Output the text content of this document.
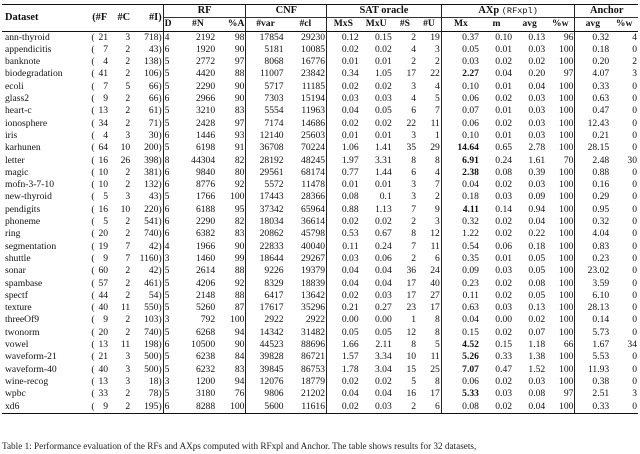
Dataset	(#F	#C	#I)	RF			CNF		SAT oracle				AXp (RFxpl)				Anchor	
				D	#N	%A	#var	#cl	MxS	MxU	#S	#U	Mx	m	avg	%w	avg	%w
ann-thyroid	( 21	3	718)	4	2192	98	17854	29230	0.12	0.15	2	19	0.37	0.10	0.13	96	0.32	4
appendicitis	( 7	2	43)	6	1920	90	5181	10085	0.02	0.02	4	3	0.05	0.01	0.03	100	0.18	0
banknote	( 4	2	138)	5	2772	97	8068	16776	0.01	0.01	2	2	0.03	0.02	0.02	100	0.20	2
biodegradation	( 41	2	106)	5	4420	88	11007	23842	0.34	1.05	17	22	2.27	0.04	0.20	97	4.07	3
ecoli	( 7	5	66)	5	2290	90	5717	11185	0.02	0.02	3	4	0.10	0.01	0.04	100	0.33	0
glass2	( 9	2	66)	6	2966	90	7303	15194	0.03	0.03	4	5	0.06	0.02	0.03	100	0.63	0
heart-c	( 13	2	61)	5	3210	83	5554	11963	0.04	0.05	6	7	0.07	0.01	0.03	100	0.47	0
ionosphere	( 34	2	71)	5	2428	97	7174	14686	0.02	0.02	22	11	0.06	0.02	0.03	100	12.43	0
iris	( 4	3	30)	6	1446	93	12140	25603	0.01	0.01	3	1	0.10	0.01	0.03	100	0.21	0
karhunen	( 64	10	200)	5	6198	91	36708	70224	1.06	1.41	35	29	14.64	0.65	2.78	100	28.15	0
letter	( 16	26	398)	8	44304	82	28192	48245	1.97	3.31	8	8	6.91	0.24	1.61	70	2.48	30
magic	( 10	2	381)	6	9840	80	29561	68174	0.77	1.44	6	4	2.38	0.08	0.39	100	0.88	0
mofn-3-7-10	( 10	2	132)	6	8776	92	5572	11478	0.01	0.01	3	7	0.04	0.02	0.03	100	0.16	0
new-thyroid	( 5	3	43)	5	1766	100	17443	28366	0.08	0.1	3	2	0.18	0.03	0.09	100	0.29	0
pendigits	( 16	10	220)	6	6188	95	37342	65964	0.88	1.13	7	9	4.11	0.14	0.94	100	0.95	0
phoneme	( 5	2	541)	6	2290	82	18034	36614	0.02	0.02	2	3	0.32	0.02	0.04	100	0.32	0
ring	( 20	2	740)	6	6382	83	20862	45798	0.53	0.67	8	12	1.22	0.02	0.22	100	4.04	0
segmentation	( 19	7	42)	4	1966	90	22833	40040	0.11	0.24	7	11	0.54	0.06	0.18	100	0.83	0
shuttle	( 9	7	1160)	3	1460	99	18644	29267	0.03	0.06	2	6	0.35	0.01	0.05	100	0.23	0
sonar	( 60	2	42)	5	2614	88	9226	19379	0.04	0.04	36	24	0.09	0.03	0.05	100	23.02	0
spambase	( 57	2	461)	5	4206	92	8329	18839	0.04	0.04	17	40	0.23	0.02	0.08	100	3.59	0
spectf	( 44	2	54)	5	2148	88	6417	13642	0.02	0.03	17	27	0.11	0.02	0.05	100	6.10	0
texture	( 40	11	550)	5	5260	87	17617	35296	0.21	0.27	23	17	0.63	0.03	0.13	100	28.13	0
threeOf9	( 9	2	103)	3	792	100	2922	2922	0.00	0.00	1	8	0.04	0.00	0.02	100	0.14	0
twonorm	( 20	2	740)	5	6268	94	14342	31482	0.05	0.05	12	8	0.15	0.02	0.07	100	5.73	0
vowel	( 13	11	198)	6	10500	90	44523	88696	1.66	2.11	8	5	4.52	0.15	1.18	66	1.67	34
waveform-21	( 21	3	500)	5	6238	84	39828	86721	1.57	3.34	10	11	5.26	0.33	1.38	100	5.53	0
waveform-40	( 40	3	500)	5	6232	83	39845	86753	1.78	3.04	15	25	7.07	0.47	1.52	100	11.93	0
wine-recog	( 13	3	18)	3	1200	94	12076	18779	0.02	0.02	5	8	0.06	0.02	0.03	100	0.38	0
wpbc	( 33	2	78)	5	3180	76	9806	21202	0.04	0.04	16	17	5.33	0.03	0.08	97	2.51	3
xd6	( 9	2	195)	6	8288	100	5600	11616	0.02	0.03	2	6	0.08	0.02	0.04	100	0.33	0
Table 1: Performance evaluation of the RFs and AXps computed with RFxpl and Anchor. The table shows results for 32 datasets,
